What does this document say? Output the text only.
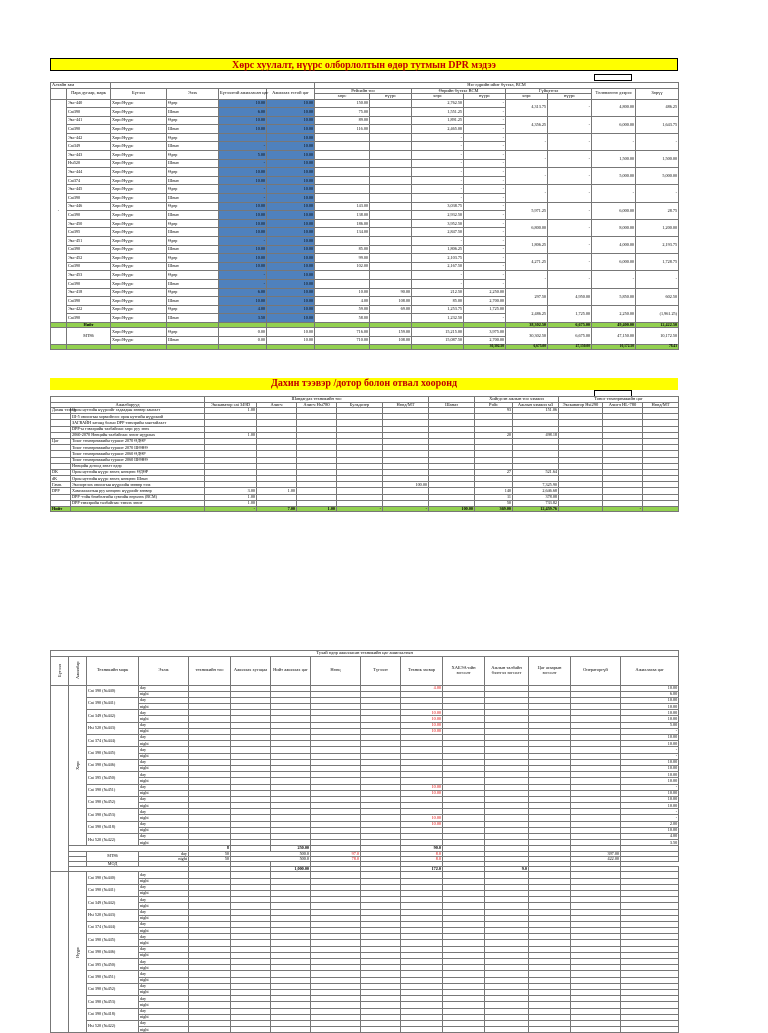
Хөрс хуулалт, нүүрс олборлолтын өдөр тутмын DPR мэдээ
Алтайн зам						Нэг өдрийн ийит бүтээл, BCM								
	Пара дугаар, марк	Бүтээл	Элэх	Бүтээлтэй ажилласан цаг	Ажиллах естой цаг	Рейсийн тоо		Өөрийн бүтээл BCM		Гүйцэтгэл		Төлөвлөгөө дээрээ	Зөрүү	
						хөрс	нүүрс	хөрс	нүүрс	хөрс	нүүрс			
-	Экс-440	Хөрс/Нүүрс	Өдөр	10.00	10.00	150.00		2,762.50	-	4,313.75	-	4,800.00	486.25	
	Cat390	Хөрс/Нүүрс	Шөнө	6.00	10.00	75.00		1,551.25	-					
	Экс-441	Хөрс/Нүүрс	Өдөр	10.00	10.00	89.00		1,891.25	-	4,356.25	-	6,000.00	1,643.75	
	Cat390	Хөрс/Нүүрс	Шөнө	10.00	10.00	116.00		2,465.00	-					
	Экс-442	Хөрс/Нүүрс	Өдөр		10.00			-	-	-	-	-	-	
	Cat349	Хөрс/Нүүрс	Шөнө	-	10.00			-	-					
	Экс-443	Хөрс/Нүүрс	Өдөр	5.00	10.00			-	-	-	-	1,500.00	1,500.00	
	Hsi520	Хөрс/Нүүрс	Шөнө	-	10.00			-	-					
	Экс-444	Хөрс/Нүүрс	Өдөр	10.00	10.00			-	-	-	-	5,000.00	5,000.00	
	Cat374	Хөрс/Нүүрс	Шөнө	10.00	10.00			-	-					
	Экс-445	Хөрс/Нүүрс	Өдөр	-	10.00			-	-	-	-	-	-	
	Cat390	Хөрс/Нүүрс	Шөнө	-	10.00			-	-					
	Экс-446	Хөрс/Нүүрс	Өдөр	10.00	10.00	143.00		3,038.75	-	5,971.25	-	6,000.00	28.75	
	Cat390	Хөрс/Нүүрс	Шөнө	10.00	10.00	138.00		2,932.50	-					
	Экс-450	Хөрс/Нүүрс	Өдөр	10.00	10.00	186.00		3,952.50	-	6,800.00	-	8,000.00	1,200.00	
	Cat395	Хөрс/Нүүрс	Шөнө	10.00	10.00	134.00		2,847.50	-					
	Экс-451	Хөрс/Нүүрс	Өдөр	-	10.00			-	-	1,806.25	-	4,000.00	2,193.75	
	Cat390	Хөрс/Нүүрс	Шөнө	10.00	10.00	85.00		1,806.25	-					
	Экс-452	Хөрс/Нүүрс	Өдөр	10.00	10.00	99.00		2,103.75	-	4,271.25	-	6,000.00	1,728.75	
	Cat390	Хөрс/Нүүрс	Шөнө	10.00	10.00	102.00		2,167.50	-					
	Экс-453	Хөрс/Нүүрс	Өдөр	-	10.00			-	-	-	-	-	-	
	Cat390	Хөрс/Нүүрс	Шөнө	-	10.00			-	-					
	Экс-418	Хөрс/Нүүрс	Өдөр	6.00	10.00	10.00	90.00	212.50	2,250.00	297.50	4,950.00	5,850.00	602.50	
	Cat390	Хөрс/Нүүрс	Шөнө	10.00	10.00	4.00	108.00	85.00	2,700.00					
	Экс-422	Хөрс/Нүүрс	Өдөр	4.00	10.00	59.00	69.00	1,253.75	1,725.00	2,486.25	1,725.00	2,250.00	(1,961.25)	
	Cat390	Хөрс/Нүүрс	Шөнө	3.50	10.00	58.00		1,232.50	-					
	Нийт									38,302.50	6,675.00	49,400.00	12,422.50	
	МТ86	Хөрс/Нүүрс	Өдөр	0.00	10.00	716.00	159.00	15,215.00	3,975.00	30,302.50	6,675.00	47,150.00	10,172.50	
		Хөрс/Нүүрс	Шөнө	0.00	10.00	710.00	108.00	15,087.50	2,700.00					
									30,302.50	6,675.00	47,150.00	10,172.50	78.43	
Дахин тээвэр /дотор болон отвал хооронд
		Шавдагдах техникийн тоо						Хийгдсэн ажлын тоо хэмжээ		Тоног төхөөрөмжийн цаг		
Ажилбарууд		Экскаватор cat 349D	Ачигч	Ачигч Hsi780	Бульдозер	Нөөд/МТ	Шаназ	Рэйс	Ажлын хэмжээ м3	Экскаватор Hsi290	Ачигч HL-780	Нөөд/МТ
Дахин тээвэр	Орон нутгийн нүүрсийг гадаадын зөөвөр хангалт	1.00						93	151.06			
	Ш-5 овоолгын хормойгоос орон нутгийн нүүрсний											
	ЗАГВАЙН хатанд болно DPP тэвхэрийн хаягтайлалт											
	DPP-ы тэвхэрийн талбайгаас хөрс руу зөөх											
	2060-2070 Нөөцийн талбайгаас зөөлт нүүрлых	1.00						20	498.18			
Цаг	Тохог төхөөрөмжийн туршлт 2070 ӨДӨР											
	Тохог төхөөрөмжийн туршлт 2070 ШӨНӨ											
	Тохог төхөөрөмжийн туршлт 2060 ӨДӨР											
	Тохог төхөөрөмжийн туршлт 2060 ШӨНӨ											
	Нөөцийн дотоод зөөлт өдөр											
DK	Орон нутгийн нүүрс зөөлт, нөөцөөс ӨДӨР							27	521.64			
dK	Орон нутгийн нүүрс зөөлт, нөөцөөс Шөнө											
Гамп.	Экспортлох овоолгын нүүрсийн зөөвөр тээх					100.00			7,325.90			
DPP	Хамгаалалтын руу нөөцөөс нүүрсийг зөөвөр	3.00	1.00					140	2,646.68			
	DPP -тэйн бөмбөлгийн сувгийн өөрчлөх (BCM)	1.00						11	378.08			
	DPP тэвхэрийн талбайгаас тэвхэх зөөлт	1.00						50	733.82			
Нийт		-	7.00	1.00	-	-	100.00	369.00	12,459.76		-	
Тухай өдөр ажилласан техникийн цаг ашиглалтын															
Бүтээл	Ажилбар	Техникийн марк	Ээлж	техникийн тоо	Ажиллах хугацаа	Нийт ажиллах цаг	Нөөц	Түгээлт	Техник засвар	ХАБЭА-ийн зогсолт	Ажлын талбайн бэлтгэл зогсолт	Цаг агаарын зогсолт	Операторгүй	Ажиллагаа цаг	
	Хөрс	Cat 390 (№440)	day						4.00					10.00	
			night											6.00	
		Cat 390 (№441)	day											10.00	
			night											10.00	
		Cat 349 (№442)	day						10.00					10.00	
			night						10.00					10.00	
		Hsi 520 (№443)	day						10.00					5.00	
			night						10.00					-	
		Cat 374 (№444)	day											10.00	
			night											10.00	
		Cat 390 (№445)	day											-	
			night											-	
		Cat 390 (№446)	day											10.00	
			night											10.00	
		Cat 395 (№450)	day											10.00	
			night											10.00	
		Cat 390 (№451)	day						10.00					-	
			night						10.00					10.00	
		Cat 390 (№452)	day											10.00	
			night											10.00	
		Cat 390 (№453)	day											-	
			night						10.00					-	
		Cat 390 (№418)	day						10.00					2.00	
			night											10.00	
		Hsi 520 (№422)	day											4.00	
			night											3.50	
				8		250.00			90.0						
		МТ86	day	50	500.0		97.0		8.0				397.00		
			night	50	500.0		78.0		8.0				422.00		
		МОД													
						1,000.00			172.0		9.0				
	Нүүрс	Cat 390 (№440)	day												
			night												
		Cat 390 (№441)	day												
			night												
		Cat 349 (№442)	day												
			night												
		Hsi 520 (№443)	day												
			night												
		Cat 374 (№444)	day												
			night												
		Cat 390 (№445)	day												
			night												
		Cat 390 (№446)	day												
			night												
		Cat 395 (№450)	day												
			night												
		Cat 390 (№451)	day												
			night												
		Cat 390 (№452)	day												
			night												
		Cat 390 (№453)	day												
			night												
		Cat 390 (№418)	day												
			night												
		Hsi 520 (№422)	day												
			night												
